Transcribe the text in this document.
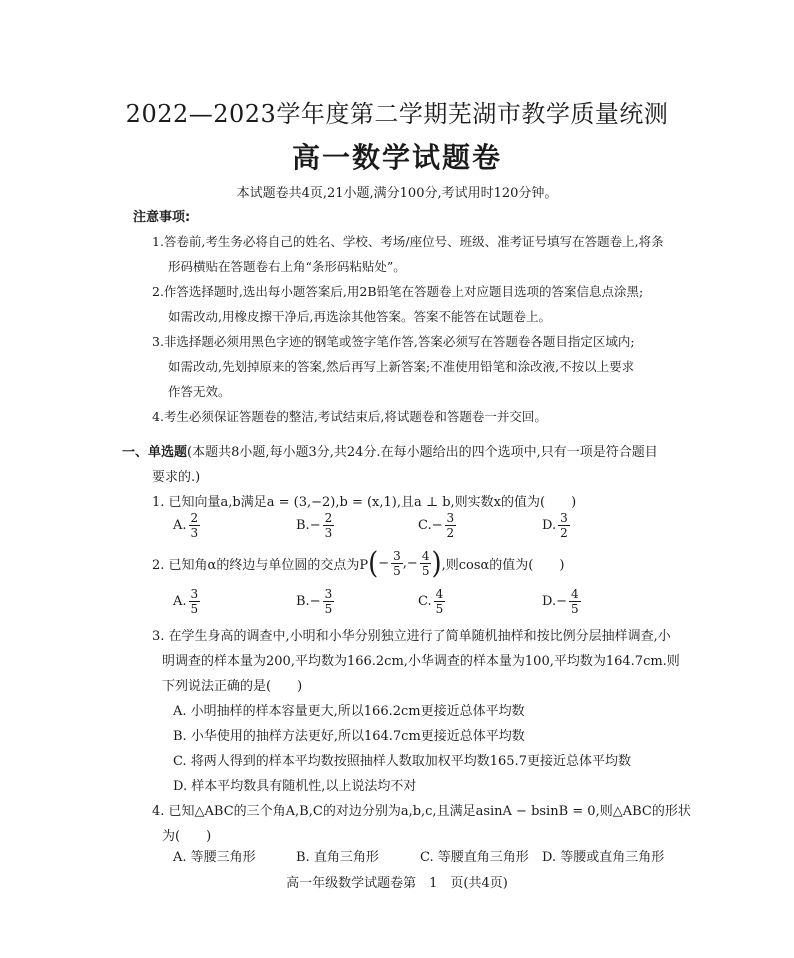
2022—2023学年度第二学期芜湖市教学质量统测
高一数学试题卷
本试题卷共4页,21小题,满分100分,考试用时120分钟。
注意事项:
1.答卷前,考生务必将自己的姓名、学校、考场/座位号、班级、准考证号填写在答题卷上,将条
形码横贴在答题卷右上角“条形码粘贴处”。
2.作答选择题时,选出每小题答案后,用2B铅笔在答题卷上对应题目选项的答案信息点涂黑;
如需改动,用橡皮擦干净后,再选涂其他答案。答案不能答在试题卷上。
3.非选择题必须用黑色字迹的钢笔或签字笔作答,答案必须写在答题卷各题目指定区域内;
如需改动,先划掉原来的答案,然后再写上新答案;不准使用铅笔和涂改液,不按以上要求
作答无效。
4.考生必须保证答题卷的整洁,考试结束后,将试题卷和答题卷一并交回。
一、单选题(本题共8小题,每小题3分,共24分.在每小题给出的四个选项中,只有一项是符合题目
要求的.)
1. 已知向量a,b满足a = (3,−2),b = (x,1),且a ⊥ b,则实数x的值为(　　)
A. $\frac{2}{3}$	B. − $\frac{2}{3}$	C. − $\frac{3}{2}$	D. $\frac{3}{2}$
2. 已知角α的终边与单位圆的交点为P ( − $\frac{3}{5}$ , − $\frac{4}{5}$ ) ,则cosα的值为(　　)
A. $\frac{3}{5}$	B. − $\frac{3}{5}$	C. $\frac{4}{5}$	D. − $\frac{4}{5}$
3. 在学生身高的调查中,小明和小华分别独立进行了简单随机抽样和按比例分层抽样调查,小
明调查的样本量为200,平均数为166.2cm,小华调查的样本量为100,平均数为164.7cm.则
下列说法正确的是(　　)
A. 小明抽样的样本容量更大,所以166.2cm更接近总体平均数
B. 小华使用的抽样方法更好,所以164.7cm更接近总体平均数
C. 将两人得到的样本平均数按照抽样人数取加权平均数165.7更接近总体平均数
D. 样本平均数具有随机性,以上说法均不对
4. 已知△ABC的三个角A,B,C的对边分别为a,b,c,且满足asinA − bsinB = 0,则△ABC的形状
为(　　)
A. 等腰三角形	B. 直角三角形	C. 等腰直角三角形 D. 等腰或直角三角形
高一年级数学试题卷第　1　页(共4页)
